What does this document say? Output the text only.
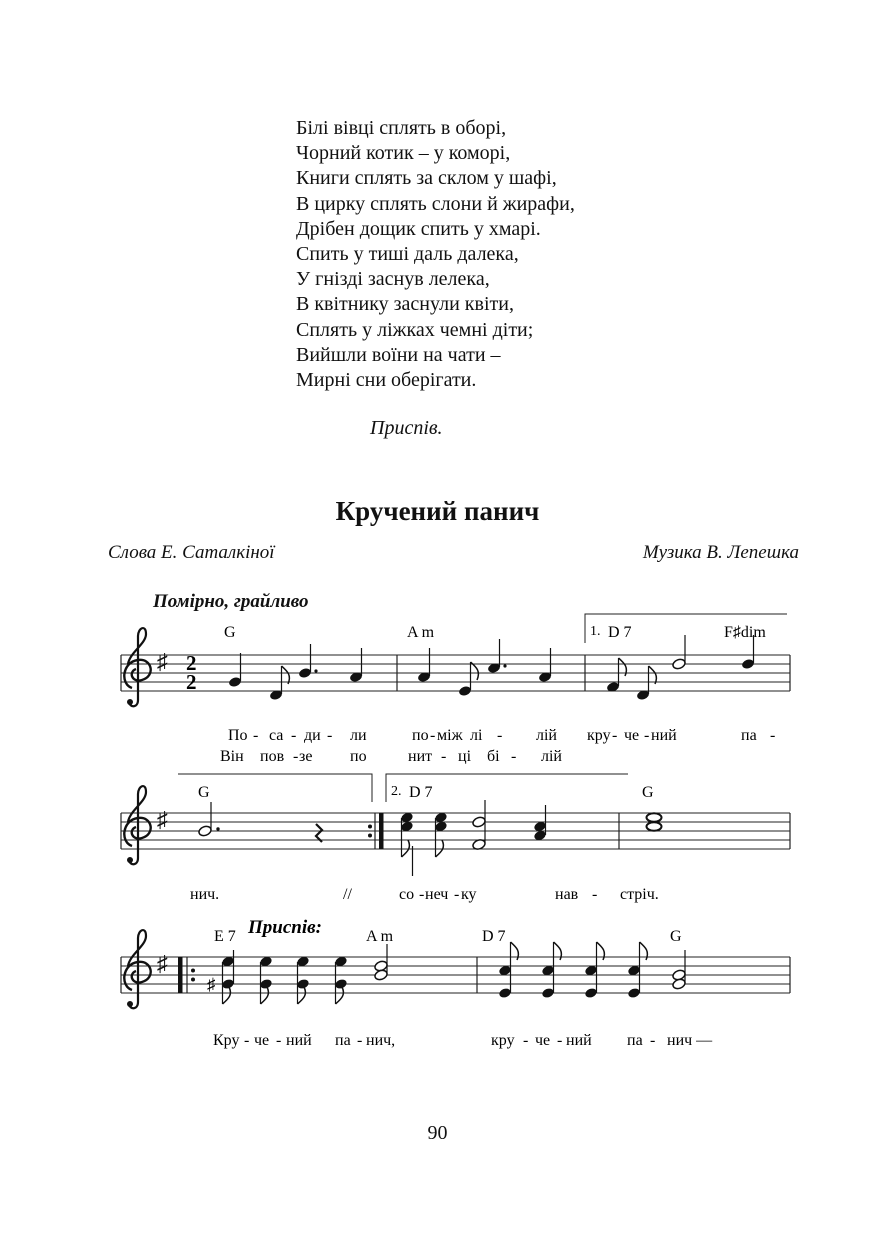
Білі вівці сплять в оборі,
Чорний котик – у коморі,
Книги сплять за склом у шафі,
В цирку сплять слони й жирафи,
Дрібен дощик спить у хмарі.
Спить у тиші даль далека,
У гнізді заснув лелека,
В квітнику заснули квіти,
Сплять у ліжках чемні діти;
Вийшли воїни на чати –
Мирні сни оберігати.
Приспів.
Кручений панич
Слова Е. Саталкіної	Музика В. Лепешка
Помірно, грайливо
♯ 2
2
1.
G	A m	D 7	F♯dim
По - са - ди - ли	по - між лі - лій кру - че - ний	па -
Він пов - зе по	нит - ці бі - лій
♯
2.
G	D 7	G
нич.	//	со - неч - ку	нав - стріч.
♯
E 7 Приспів:	A m	D 7	G
♯
Кру - че - ний па - нич,	кру - че - ний па - нич —
90
